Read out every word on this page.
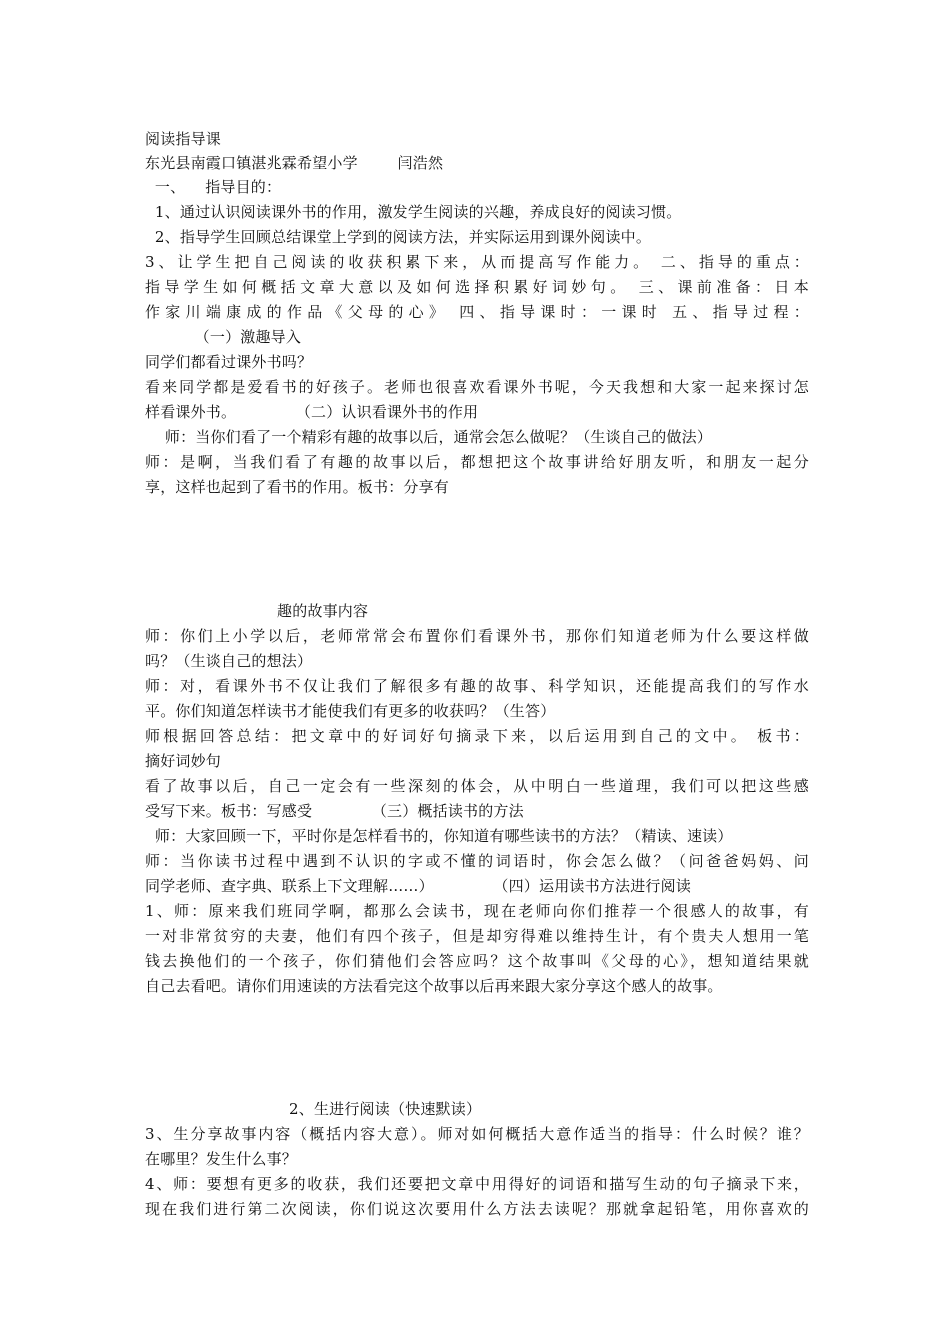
阅读指导课
东光县南霞口镇湛兆霖希望小学        闫浩然
一、    指导目的：
1、通过认识阅读课外书的作用，激发学生阅读的兴趣，养成良好的阅读习惯。
2、指导学生回顾总结课堂上学到的阅读方法，并实际运用到课外阅读中。
3、让学生把自己阅读的收获积累下来，从而提高写作能力。 二、指导的重点：
指导学生如何概括文章大意以及如何选择积累好词妙句。 三、课前准备：日本
作家川端康成的作品《父母的心》 四、指导课时：一课时 五、指导过程：
（一）激趣导入
同学们都看过课外书吗？
看来同学都是爱看书的好孩子。老师也很喜欢看课外书呢，今天我想和大家一起来探讨怎
样看课外书。            （二）认识看课外书的作用
师：当你们看了一个精彩有趣的故事以后，通常会怎么做呢？（生谈自己的做法）
师：是啊，当我们看了有趣的故事以后，都想把这个故事讲给好朋友听，和朋友一起分
享，这样也起到了看书的作用。板书：分享有
趣的故事内容
师：你们上小学以后，老师常常会布置你们看课外书，那你们知道老师为什么要这样做
吗？（生谈自己的想法）
师：对，看课外书不仅让我们了解很多有趣的故事、科学知识，还能提高我们的写作水
平。你们知道怎样读书才能使我们有更多的收获吗？（生答）
师根据回答总结：把文章中的好词好句摘录下来，以后运用到自己的文中。 板书：
摘好词妙句
看了故事以后，自己一定会有一些深刻的体会，从中明白一些道理，我们可以把这些感
受写下来。板书：写感受            （三）概括读书的方法
师：大家回顾一下，平时你是怎样看书的，你知道有哪些读书的方法？（精读、速读）
师：当你读书过程中遇到不认识的字或不懂的词语时，你会怎么做？（问爸爸妈妈、问
同学老师、查字典、联系上下文理解……）            （四）运用读书方法进行阅读
1、师：原来我们班同学啊，都那么会读书，现在老师向你们推荐一个很感人的故事，有
一对非常贫穷的夫妻，他们有四个孩子，但是却穷得难以维持生计，有个贵夫人想用一笔
钱去换他们的一个孩子，你们猜他们会答应吗？这个故事叫《父母的心》，想知道结果就
自己去看吧。请你们用速读的方法看完这个故事以后再来跟大家分享这个感人的故事。
2、生进行阅读（快速默读）
3、生分享故事内容（概括内容大意）。师对如何概括大意作适当的指导：什么时候？谁？
在哪里？发生什么事？
4、师：要想有更多的收获，我们还要把文章中用得好的词语和描写生动的句子摘录下来，
现在我们进行第二次阅读，你们说这次要用什么方法去读呢？那就拿起铅笔，用你喜欢的
